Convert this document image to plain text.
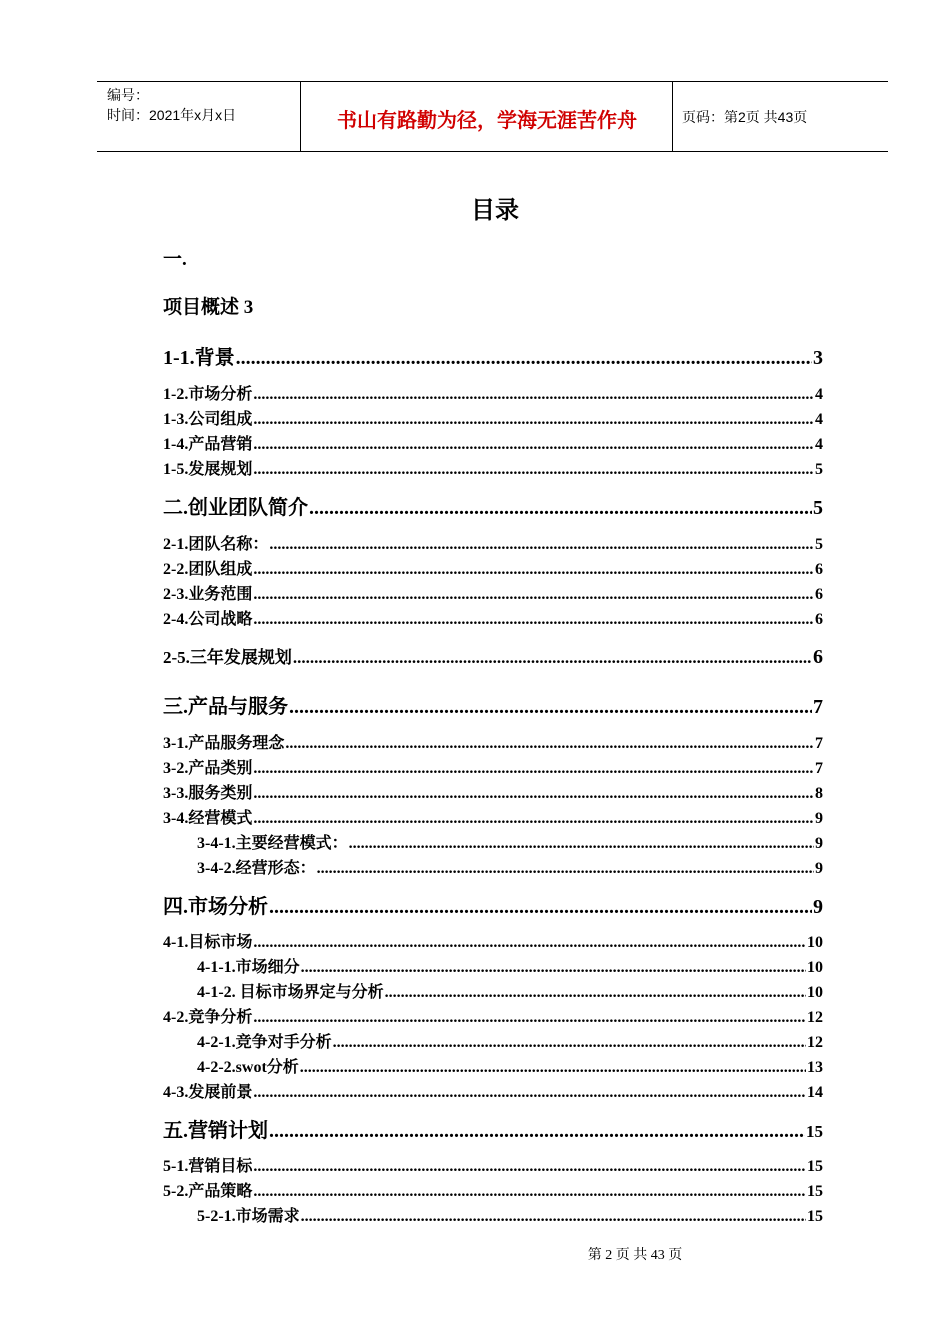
编号：
时间：2021年x月x日	书山有路勤为径，学海无涯苦作舟	页码：第2页 共43页
目录
一.
项目概述 3
1-1.背景 .....	3
1-2.市场分析 .....	4
1-3.公司组成 .....	4
1-4.产品营销 .....	4
1-5.发展规划 .....	5
二.创业团队简介 .....	5
2-1.团队名称： .....	5
2-2.团队组成 .....	6
2-3.业务范围 .....	6
2-4.公司战略 .....	6
2-5.三年发展规划 .....	6
三.产品与服务 .....	7
3-1.产品服务理念 .....	7
3-2.产品类别 .....	7
3-3.服务类别 .....	8
3-4.经营模式 .....	9
3-4-1.主要经营模式： .....	9
3-4-2.经营形态： .....	9
四.市场分析 .....	9
4-1.目标市场 .....	10
4-1-1.市场细分 .....	10
4-1-2. 目标市场界定与分析 .....	10
4-2.竞争分析 .....	12
4-2-1.竞争对手分析 .....	12
4-2-2.swot分析 .....	13
4-3.发展前景 .....	14
五.营销计划 .....	15
5-1.营销目标 .....	15
5-2.产品策略 .....	15
5-2-1.市场需求 .....	15
第 2 页 共 43 页
